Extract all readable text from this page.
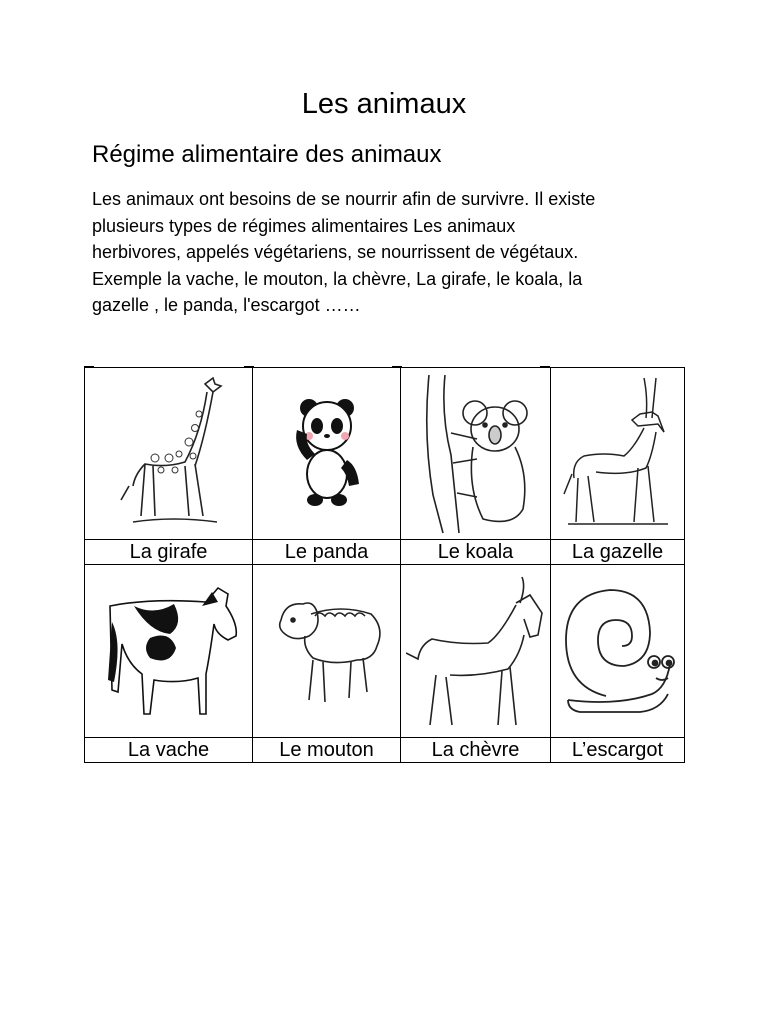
Les animaux
Régime alimentaire des animaux
Les animaux ont besoins de se nourrir afin de survivre. Il existe
plusieurs types de régimes alimentaires Les animaux
herbivores, appelés végétariens, se nourrissent de végétaux.
Exemple la vache, le mouton, la chèvre, La girafe, le koala, la
gazelle , le panda, l'escargot ……

La girafe	Le panda	Le koala	La gazelle

La vache	Le mouton	La chèvre	L’escargot
